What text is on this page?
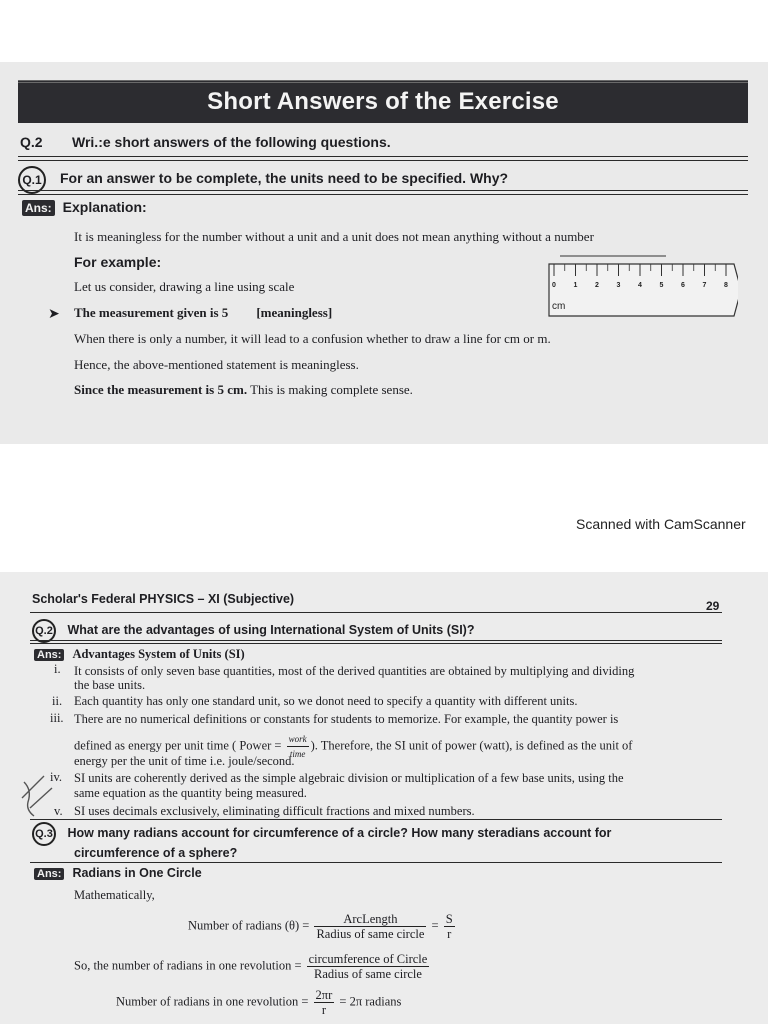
Short Answers of the Exercise
Q.2 Wri.:e short answers of the following questions.
Q.1 For an answer to be complete, the units need to be specified. Why?
Ans: Explanation:
It is meaningless for the number without a unit and a unit does not mean anything without a number
For example:
Let us consider, drawing a line using scale
➤ The measurement given is 5 [meaningless]
When there is only a number, it will lead to a confusion whether to draw a line for cm or m.
Hence, the above-mentioned statement is meaningless.
Since the measurement is 5 cm. This is making complete sense.
0	1	2	3	4	5	6	7	8
cm
Scanned with CamScanner
Scholar's Federal PHYSICS – XI (Subjective)	29
Q.2 What are the advantages of using International System of Units (SI)?
Ans: Advantages System of Units (SI)
i. It consists of only seven base quantities, most of the derived quantities are obtained by multiplying and dividing
the base units.
ii. Each quantity has only one standard unit, so we donot need to specify a quantity with different units.
iii. There are no numerical definitions or constants for students to memorize. For example, the quantity power is
defined as energy per unit time ( Power = $\frac{\text{work}}{\text{time}}$ ). Therefore, the SI unit of power (watt), is defined as the unit of
energy per the unit of time i.e. joule/second.
iv. SI units are coherently derived as the simple algebraic division or multiplication of a few base units, using the
same equation as the quantity being measured.
v. SI uses decimals exclusively, eliminating difficult fractions and mixed numbers.
Q.3 How many radians account for circumference of a circle? How many steradians account for
circumference of a sphere?
Ans: Radians in One Circle
Mathematically,
Number of radians $(\theta) = \frac{\text{ArcLength}}{\text{Radius of same circle}} = \frac{S}{r}$
So, the number of radians in one revolution = $\frac{\text{circumference of Circle}}{\text{Radius of same circle}}$
Number of radians in one revolution = $\frac{2\pi r}{r} = 2\pi$ radians
